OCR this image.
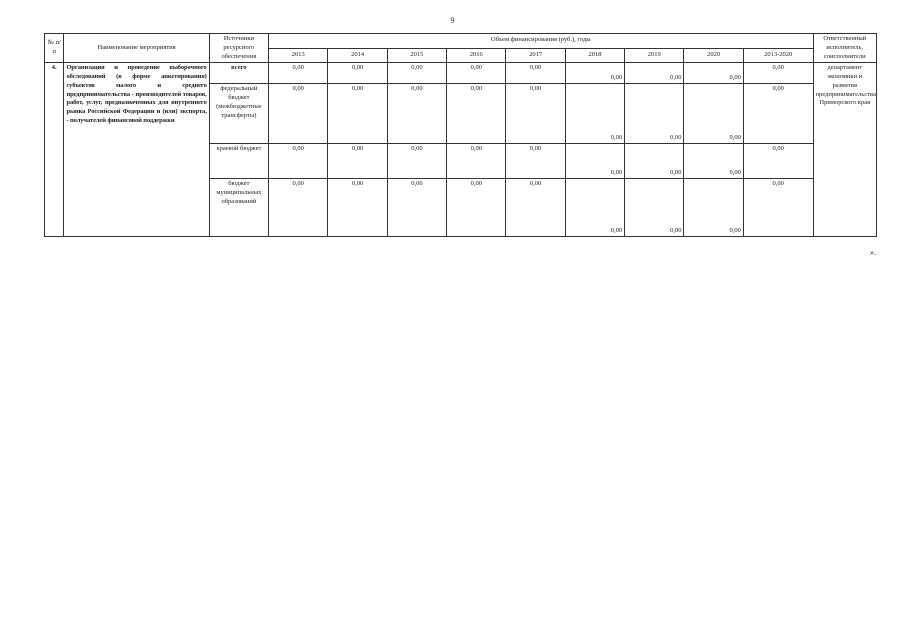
9
№ п/п	Наименование мероприятия	Источники ресурсного обеспечения	Объем финансирования (руб.), годы									Ответственный исполнитель, соисполнители
			2013	2014	2015	2016	2017	2018	2019	2020	2013-2020	
4.	Организация и проведение выборочного обследований (в форме анкетирования) субъектов малого и среднего предпринимательства - производителей товаров, работ, услуг, предназначенных для внутреннего рынка Российской Федерации и (или) экспорта, - получателей финансовой поддержки	всего	0,00	0,00	0,00	0,00	0,00	0,00	0,00	0,00	0,00	департамент экономики и развития предпринимательства Приморского края
		федеральный бюджет (межбюджетные трансферты)	0,00	0,00	0,00	0,00	0,00	0,00	0,00	0,00	0,00	
		краевой бюджет	0,00	0,00	0,00	0,00	0,00	0,00	0,00	0,00	0,00	
		бюджет муниципальных образований	0,00	0,00	0,00	0,00	0,00	0,00	0,00	0,00	0,00	
».
